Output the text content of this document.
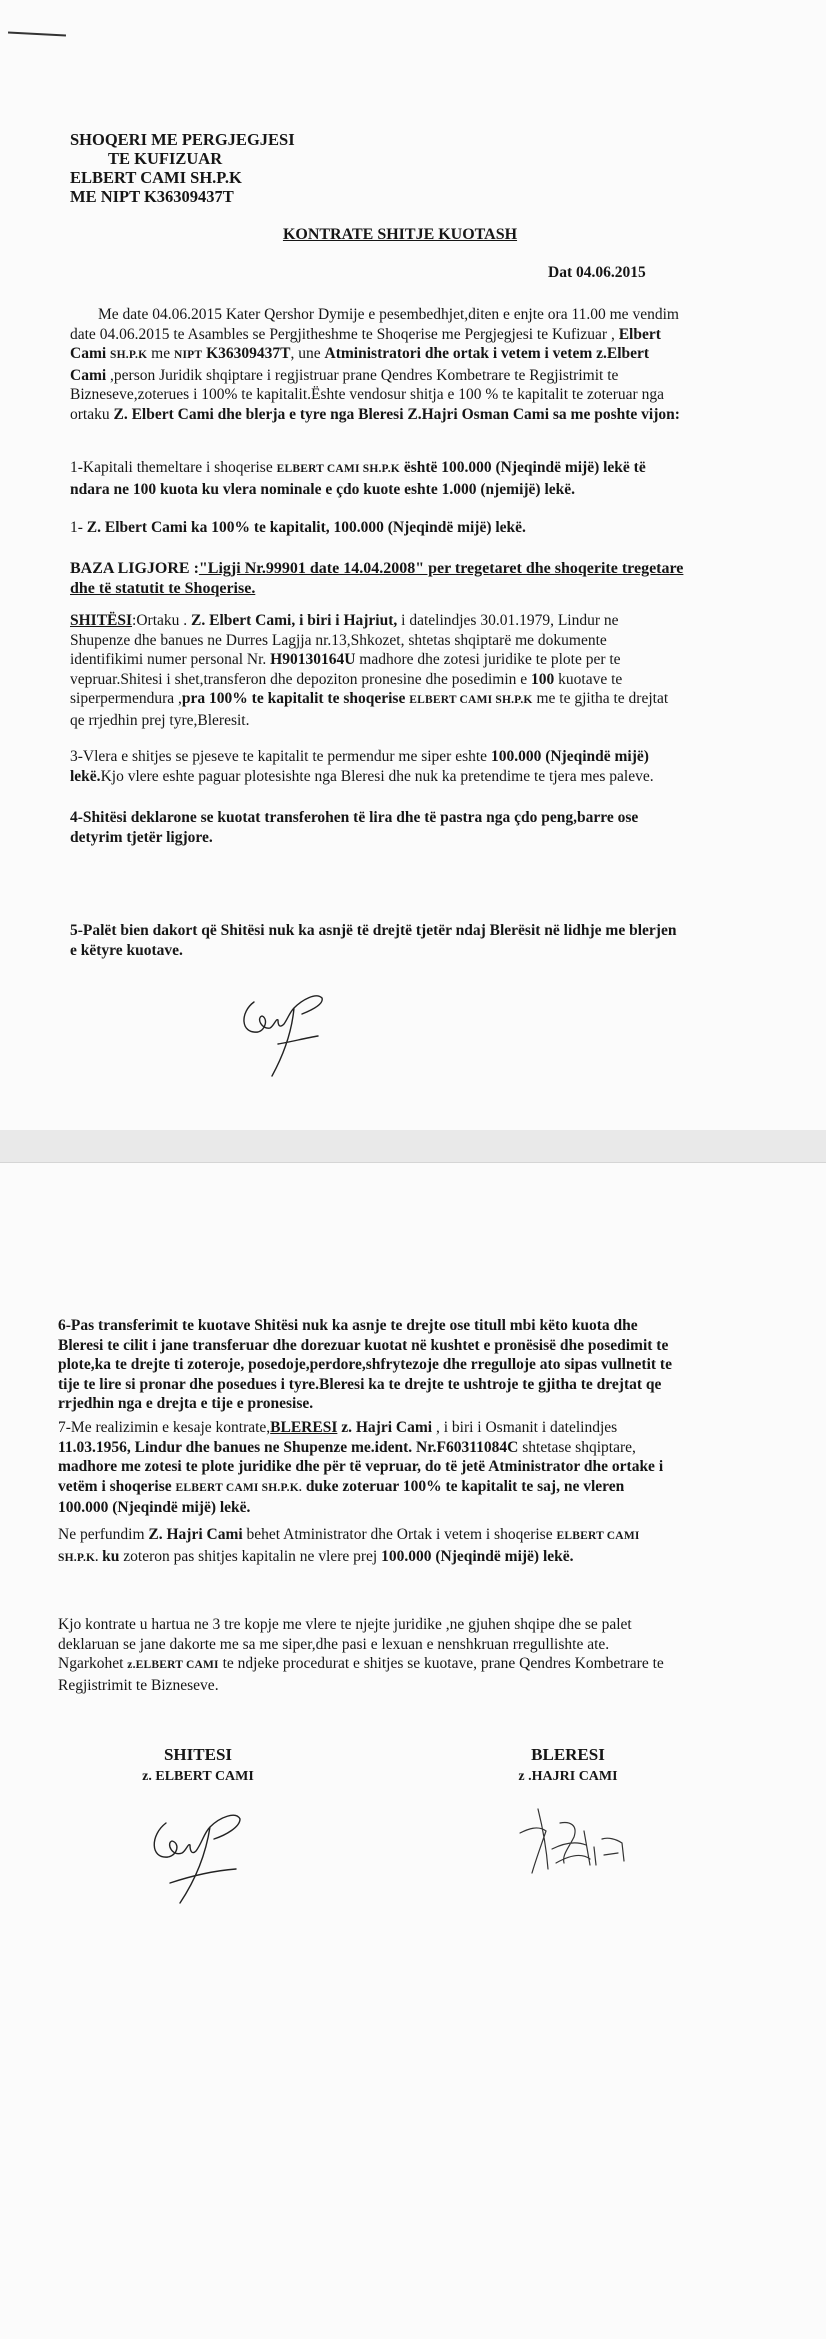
SHOQERI ME PERGJEGJESI
TE KUFIZUAR
ELBERT CAMI SH.P.K
ME NIPT K36309437T
KONTRATE SHITJE KUOTASH
Dat 04.06.2015

Me date 04.06.2015 Kater Qershor Dymije e pesembedhjet,diten e enjte ora 11.00 me vendim date 04.06.2015 te Asambles se Pergjitheshme te Shoqerise me Pergjegjesi te Kufizuar , Elbert Cami SH.P.K me NIPT K36309437T, une Atministratori dhe ortak i vetem i vetem z.Elbert Cami ,person Juridik shqiptare i regjistruar prane Qendres Kombetrare te Regjistrimit te Bizneseve,zoterues i 100% te kapitalit.Ështe vendosur shitja e 100 % te kapitalit te zoteruar nga ortaku Z. Elbert Cami dhe blerja e tyre nga Bleresi Z.Hajri Osman Cami sa me poshte vijon:

1-Kapitali themeltare i shoqerise ELBERT CAMI SH.P.K është 100.000 (Njeqindë mijë) lekë të ndara ne 100 kuota ku vlera nominale e çdo kuote eshte 1.000 (njemijë) lekë.

1- Z. Elbert Cami ka 100% te kapitalit, 100.000 (Njeqindë mijë) lekë.

BAZA LIGJORE :"Ligji Nr.99901 date 14.04.2008" per tregetaret dhe shoqerite tregetare dhe të statutit te Shoqerise.

SHITËSI:Ortaku . Z. Elbert Cami, i biri i Hajriut, i datelindjes 30.01.1979, Lindur ne Shupenze dhe banues ne Durres Lagjja nr.13,Shkozet, shtetas shqiptarë me dokumente identifikimi numer personal Nr. H90130164U madhore dhe zotesi juridike te plote per te vepruar.Shitesi i shet,transferon dhe depoziton pronesine dhe posedimin e 100 kuotave te siperpermendura ,pra 100% te kapitalit te shoqerise ELBERT CAMI SH.P.K me te gjitha te drejtat qe rrjedhin prej tyre,Bleresit.

3-Vlera e shitjes se pjeseve te kapitalit te permendur me siper eshte 100.000 (Njeqindë mijë) lekë.Kjo vlere eshte paguar plotesishte nga Bleresi dhe nuk ka pretendime te tjera mes paleve.

4-Shitësi deklarone se kuotat transferohen të lira dhe të pastra nga çdo peng,barre ose detyrim tjetër ligjore.

5-Palët bien dakort që Shitësi nuk ka asnjë të drejtë tjetër ndaj Blerësit në lidhje me blerjen e këtyre kuotave.

6-Pas transferimit te kuotave Shitësi nuk ka asnje te drejte ose titull mbi këto kuota dhe Bleresi te cilit i jane transferuar dhe dorezuar kuotat në kushtet e pronësisë dhe posedimit te plote,ka te drejte ti zoteroje, posedoje,perdore,shfrytezoje dhe rregulloje ato sipas vullnetit te tije te lire si pronar dhe posedues i tyre.Bleresi ka te drejte te ushtroje te gjitha te drejtat qe rrjedhin nga e drejta e tije e pronesise.

7-Me realizimin e kesaje kontrate,BLERESI z. Hajri Cami , i biri i Osmanit i datelindjes 11.03.1956, Lindur dhe banues ne Shupenze me.ident. Nr.F60311084C shtetase shqiptare, madhore me zotesi te plote juridike dhe për të vepruar, do të jetë Atministrator dhe ortake i vetëm i shoqerise ELBERT CAMI SH.P.K. duke zoteruar 100% te kapitalit te saj, ne vleren 100.000 (Njeqindë mijë) lekë.

Ne perfundim Z. Hajri Cami behet Atministrator dhe Ortak i vetem i shoqerise ELBERT CAMI SH.P.K. ku zoteron pas shitjes kapitalin ne vlere prej 100.000 (Njeqindë mijë) lekë.

Kjo kontrate u hartua ne 3 tre kopje me vlere te njejte juridike ,ne gjuhen shqipe dhe se palet deklaruan se jane dakorte me sa me siper,dhe pasi e lexuan e nenshkruan rregullishte ate.
Ngarkohet z.ELBERT CAMI te ndjeke procedurat e shitjes se kuotave, prane Qendres Kombetrare te Regjistrimit te Bizneseve.

SHITESI
z. ELBERT CAMI
BLERESI
z .HAJRI CAMI
